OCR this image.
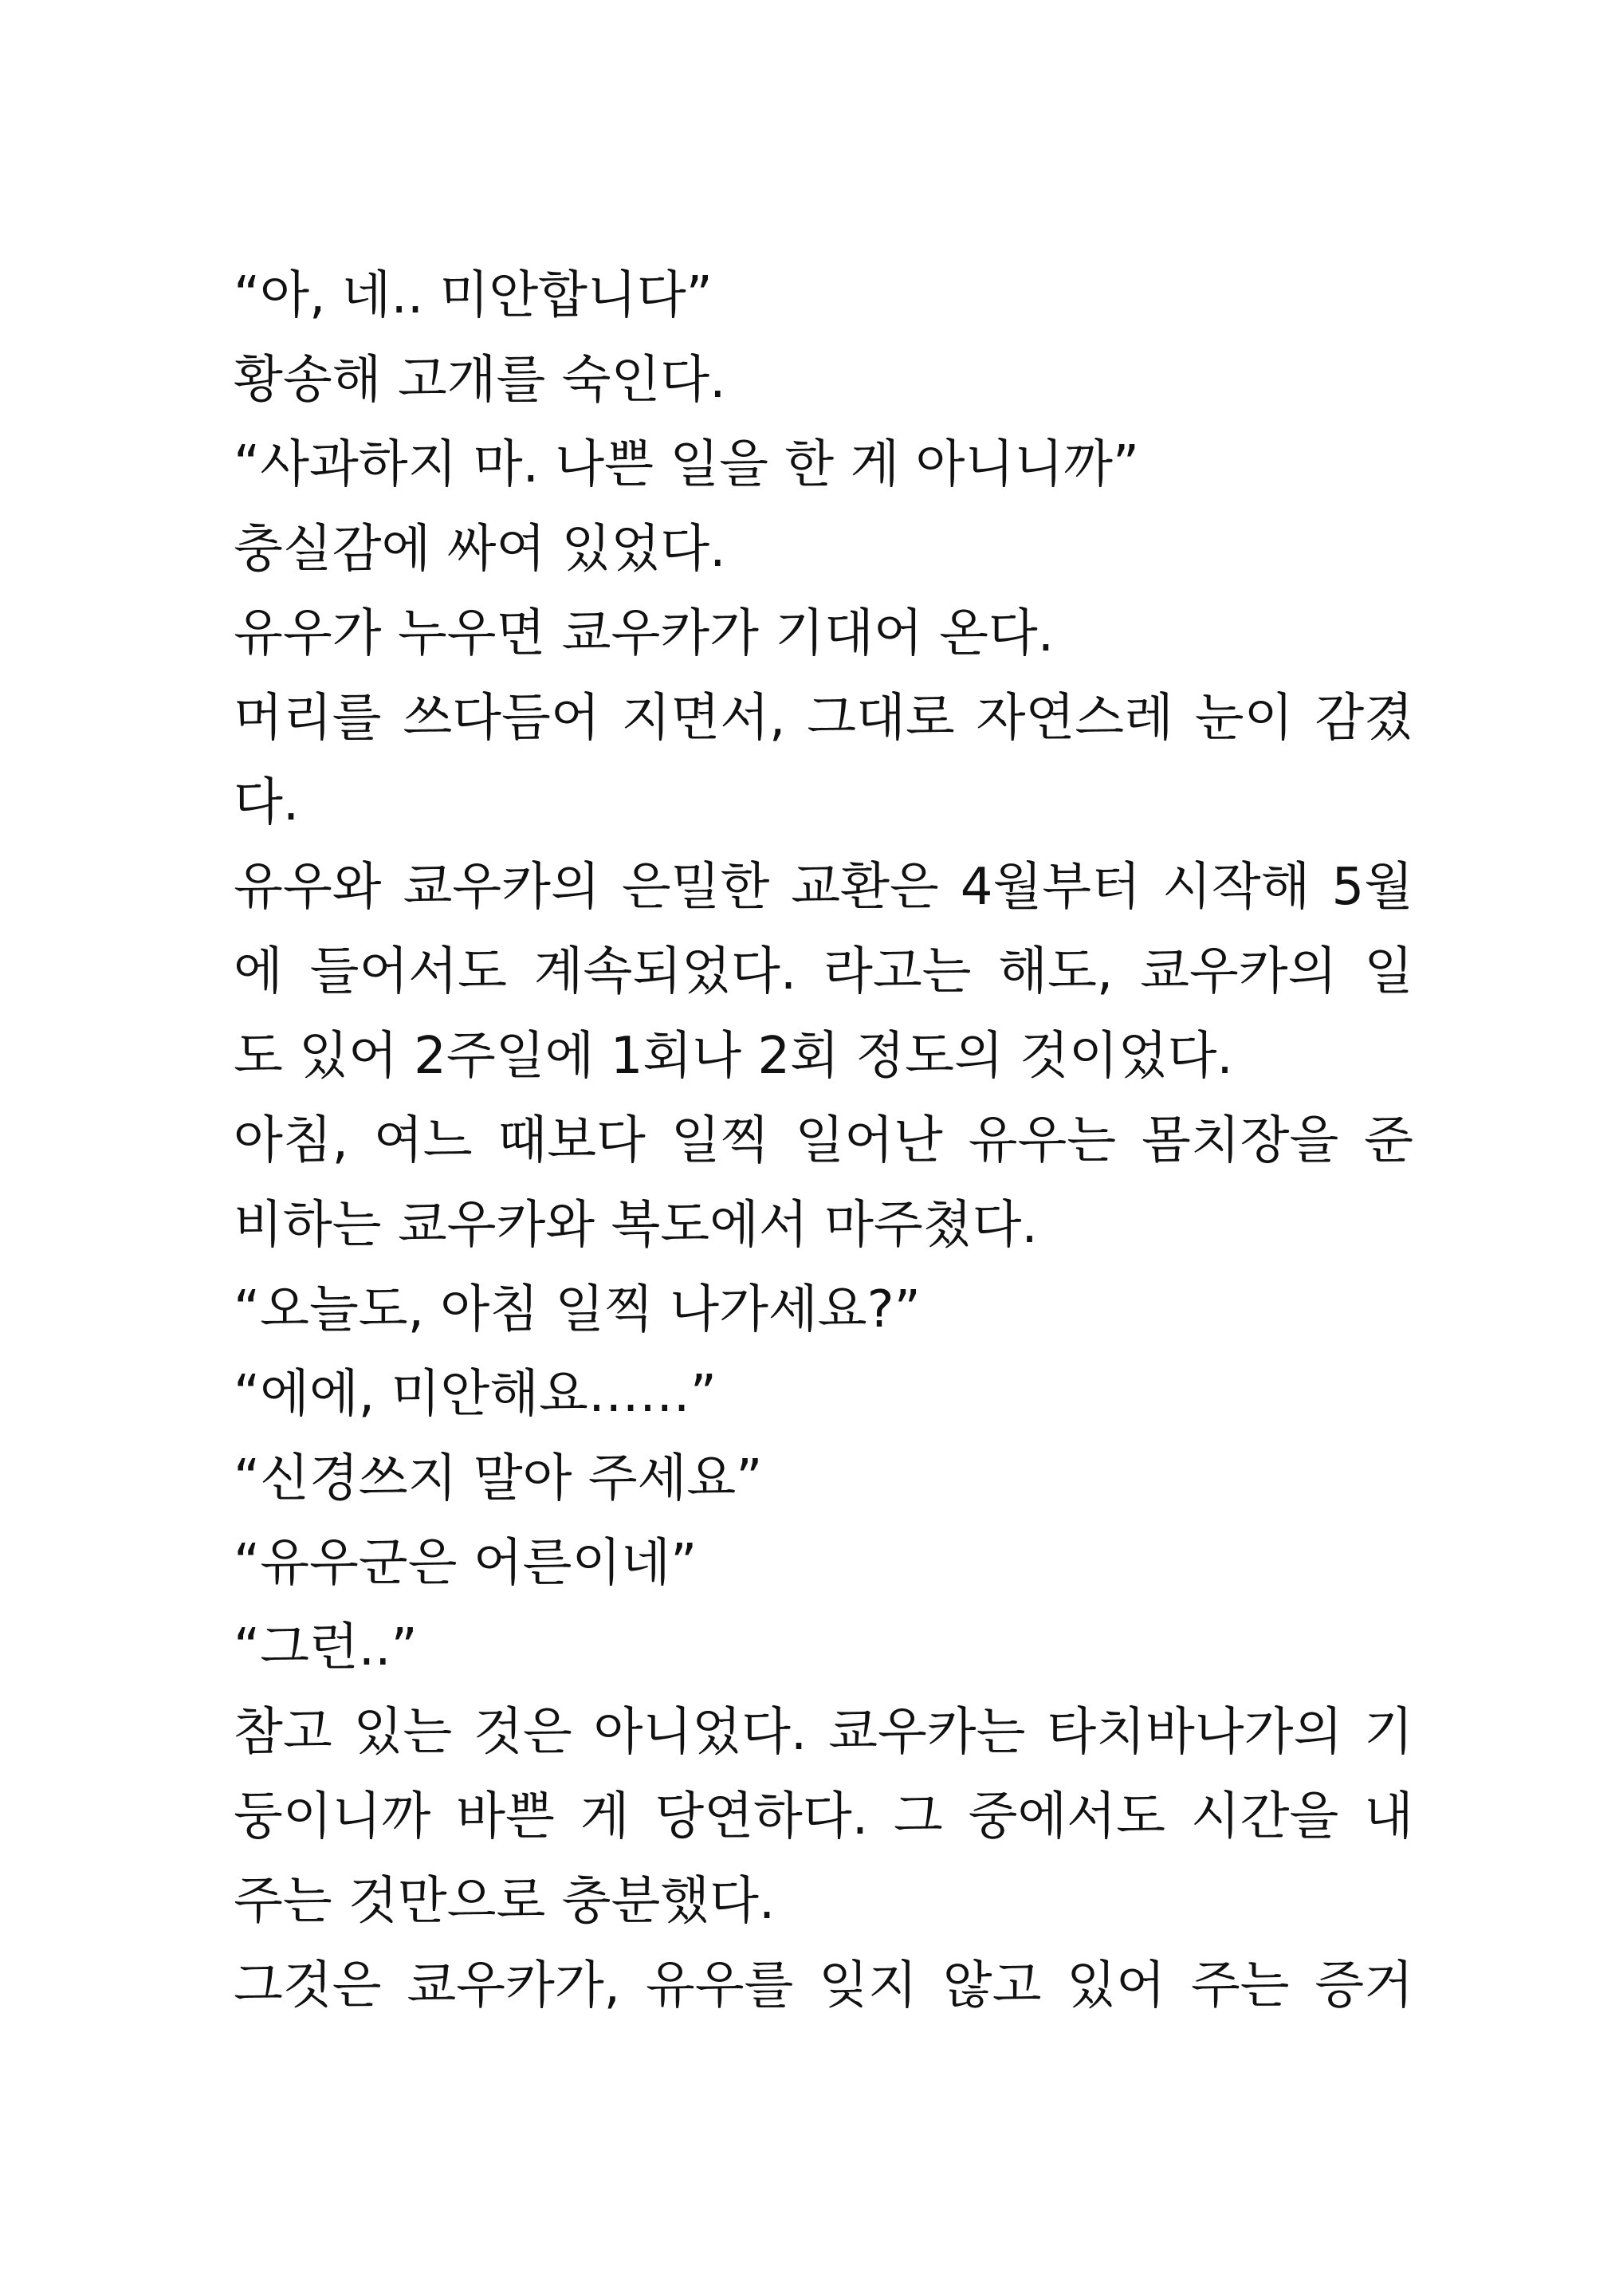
“아, 네.. 미안합니다”
황송해 고개를 숙인다.
“사과하지 마. 나쁜 일을 한 게 아니니까”
충실감에 싸여 있었다.
유우가 누우면 쿄우카가 기대어 온다.
머리를 쓰다듬어 지면서, 그대로 자연스레 눈이 감겼
다.
유우와 쿄우카의 은밀한 교환은 4월부터 시작해 5월
에 들어서도 계속되었다. 라고는 해도, 쿄우카의 일
도 있어 2주일에 1회나 2회 정도의 것이었다.
아침, 여느 때보다 일찍 일어난 유우는 몸치장을 준
비하는 쿄우카와 복도에서 마주쳤다.
“오늘도, 아침 일찍 나가세요?”
“에에, 미안해요……”
“신경쓰지 말아 주세요”
“유우군은 어른이네”
“그런..”
참고 있는 것은 아니었다. 쿄우카는 타치바나가의 기
둥이니까 바쁜 게 당연하다. 그 중에서도 시간을 내
주는 것만으로 충분했다.
그것은 쿄우카가, 유우를 잊지 않고 있어 주는 증거
